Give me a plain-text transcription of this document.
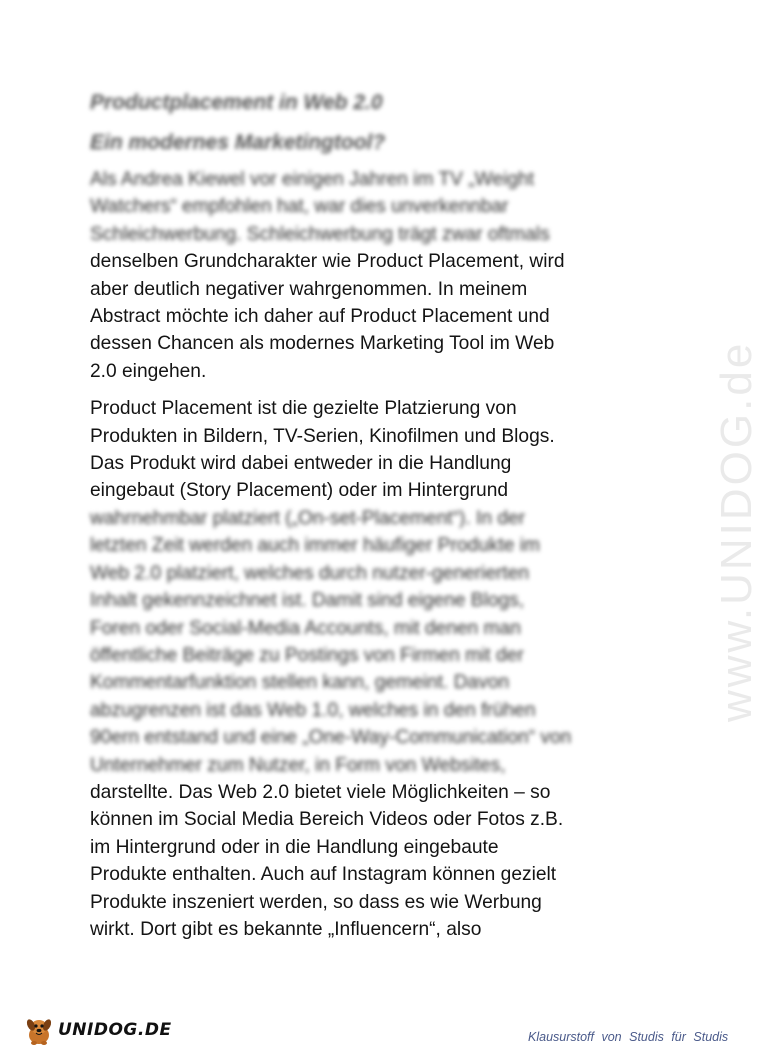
www.UNIDOG.de
Productplacement in Web 2.0
Ein modernes Marketingtool?
Als Andrea Kiewel vor einigen Jahren im TV „Weight
Watchers“ empfohlen hat, war dies unverkennbar
Schleichwerbung. Schleichwerbung trägt zwar oftmals
denselben Grundcharakter wie Product Placement, wird
aber deutlich negativer wahrgenommen. In meinem
Abstract möchte ich daher auf Product Placement und
dessen Chancen als modernes Marketing Tool im Web
2.0 eingehen.
Product Placement ist die gezielte Platzierung von
Produkten in Bildern, TV-Serien, Kinofilmen und Blogs.
Das Produkt wird dabei entweder in die Handlung
eingebaut (Story Placement) oder im Hintergrund
wahrnehmbar platziert („On-set-Placement“). In der
letzten Zeit werden auch immer häufiger Produkte im
Web 2.0 platziert, welches durch nutzer-generierten
Inhalt gekennzeichnet ist. Damit sind eigene Blogs,
Foren oder Social-Media Accounts, mit denen man
öffentliche Beiträge zu Postings von Firmen mit der
Kommentarfunktion stellen kann, gemeint. Davon
abzugrenzen ist das Web 1.0, welches in den frühen
90ern entstand und eine „One-Way-Communication“ von
Unternehmer zum Nutzer, in Form von Websites,
darstellte. Das Web 2.0 bietet viele Möglichkeiten – so
können im Social Media Bereich Videos oder Fotos z.B.
im Hintergrund oder in die Handlung eingebaute
Produkte enthalten. Auch auf Instagram können gezielt
Produkte inszeniert werden, so dass es wie Werbung
wirkt. Dort gibt es bekannte „Influencern“, also
UNIDOG.DE	Klausurstoff von Studis für Studis
